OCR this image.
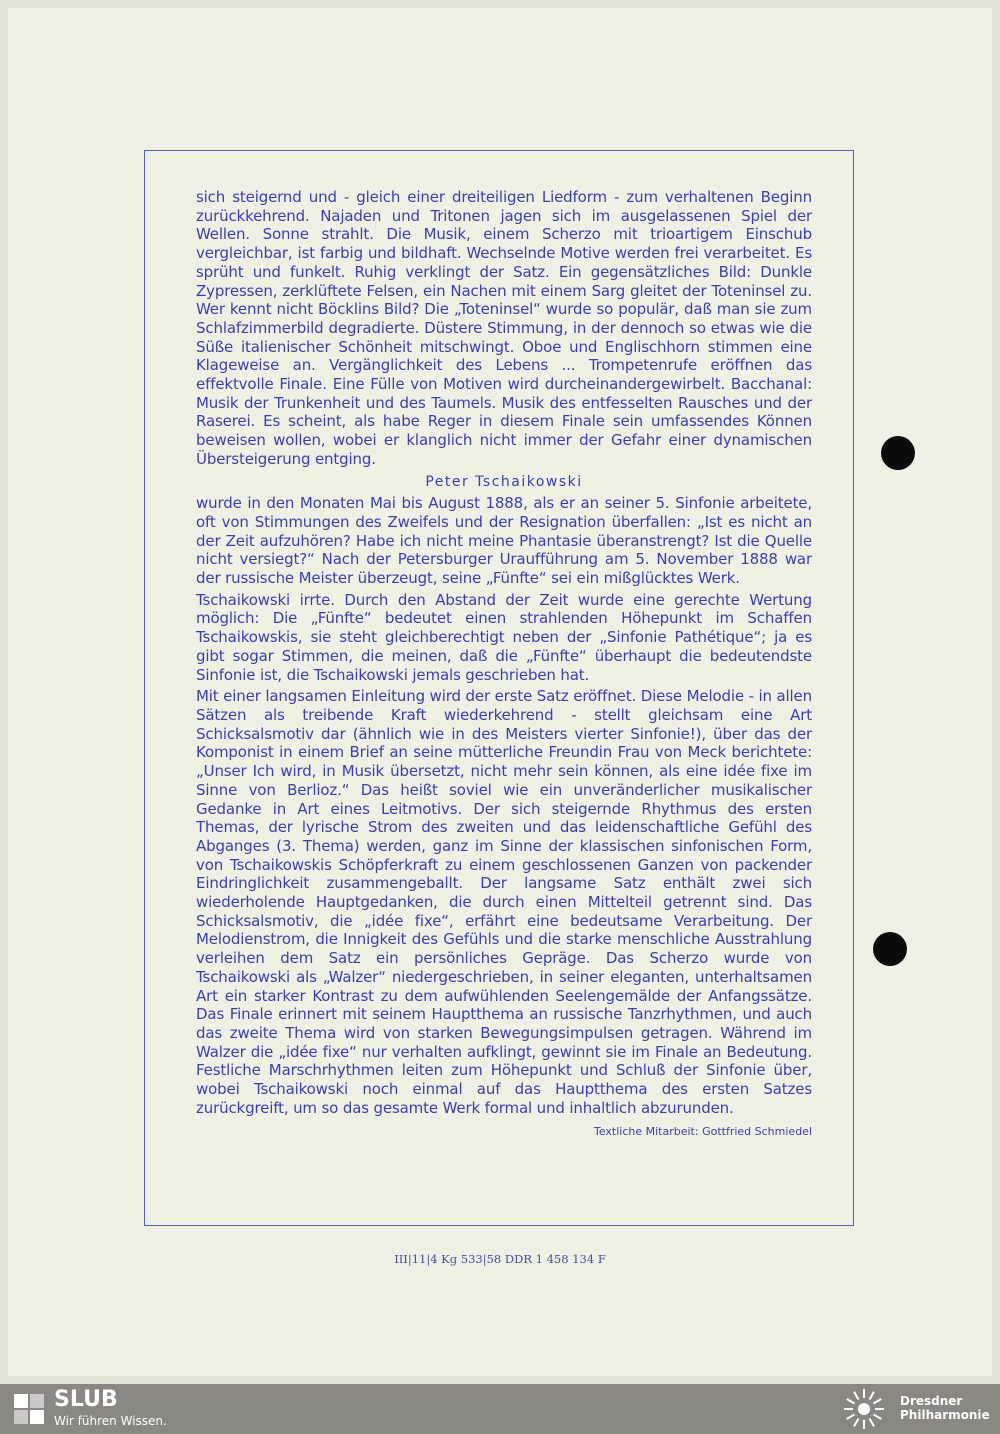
sich steigernd und - gleich einer dreiteiligen Liedform - zum verhaltenen Beginn zurückkehrend. Najaden und Tritonen jagen sich im ausgelassenen Spiel der Wellen. Sonne strahlt. Die Musik, einem Scherzo mit trioartigem Einschub vergleichbar, ist farbig und bildhaft. Wechselnde Motive werden frei verarbeitet. Es sprüht und funkelt. Ruhig verklingt der Satz. Ein gegensätzliches Bild: Dunkle Zypressen, zerklüftete Felsen, ein Nachen mit einem Sarg gleitet der Toteninsel zu. Wer kennt nicht Böcklins Bild? Die „Toteninsel“ wurde so populär, daß man sie zum Schlafzimmerbild degradierte. Düstere Stimmung, in der dennoch so etwas wie die Süße italienischer Schönheit mitschwingt. Oboe und Englischhorn stimmen eine Klageweise an. Vergänglichkeit des Lebens ... Trompetenrufe eröffnen das effektvolle Finale. Eine Fülle von Motiven wird durcheinandergewirbelt. Bacchanal: Musik der Trunkenheit und des Taumels. Musik des entfesselten Rausches und der Raserei. Es scheint, als habe Reger in diesem Finale sein umfassendes Können beweisen wollen, wobei er klanglich nicht immer der Gefahr einer dynamischen Übersteigerung entging.

Peter Tschaikowski

wurde in den Monaten Mai bis August 1888, als er an seiner 5. Sinfonie arbeitete, oft von Stimmungen des Zweifels und der Resignation überfallen: „Ist es nicht an der Zeit aufzuhören? Habe ich nicht meine Phantasie überanstrengt? Ist die Quelle nicht versiegt?“ Nach der Petersburger Uraufführung am 5. November 1888 war der russische Meister überzeugt, seine „Fünfte“ sei ein mißglücktes Werk.

Tschaikowski irrte. Durch den Abstand der Zeit wurde eine gerechte Wertung möglich: Die „Fünfte“ bedeutet einen strahlenden Höhepunkt im Schaffen Tschaikowskis, sie steht gleichberechtigt neben der „Sinfonie Pathétique“; ja es gibt sogar Stimmen, die meinen, daß die „Fünfte“ überhaupt die bedeutendste Sinfonie ist, die Tschaikowski jemals geschrieben hat.

Mit einer langsamen Einleitung wird der erste Satz eröffnet. Diese Melodie - in allen Sätzen als treibende Kraft wiederkehrend - stellt gleichsam eine Art Schicksalsmotiv dar (ähnlich wie in des Meisters vierter Sinfonie!), über das der Komponist in einem Brief an seine mütterliche Freundin Frau von Meck berichtete: „Unser Ich wird, in Musik übersetzt, nicht mehr sein können, als eine idée fixe im Sinne von Berlioz.“ Das heißt soviel wie ein unveränderlicher musikalischer Gedanke in Art eines Leitmotivs. Der sich steigernde Rhythmus des ersten Themas, der lyrische Strom des zweiten und das leidenschaftliche Gefühl des Abganges (3. Thema) werden, ganz im Sinne der klassischen sinfonischen Form, von Tschaikowskis Schöpferkraft zu einem geschlossenen Ganzen von packender Eindringlichkeit zusammengeballt. Der langsame Satz enthält zwei sich wiederholende Hauptgedanken, die durch einen Mittelteil getrennt sind. Das Schicksalsmotiv, die „idée fixe“, erfährt eine bedeutsame Verarbeitung. Der Melodienstrom, die Innigkeit des Gefühls und die starke menschliche Ausstrahlung verleihen dem Satz ein persönliches Gepräge. Das Scherzo wurde von Tschaikowski als „Walzer“ niedergeschrieben, in seiner eleganten, unterhaltsamen Art ein starker Kontrast zu dem aufwühlenden Seelengemälde der Anfangssätze. Das Finale erinnert mit seinem Hauptthema an russische Tanzrhythmen, und auch das zweite Thema wird von starken Bewegungsimpulsen getragen. Während im Walzer die „idée fixe“ nur verhalten aufklingt, gewinnt sie im Finale an Bedeutung. Festliche Marschrhythmen leiten zum Höhepunkt und Schluß der Sinfonie über, wobei Tschaikowski noch einmal auf das Hauptthema des ersten Satzes zurückgreift, um so das gesamte Werk formal und inhaltlich abzurunden.

Textliche Mitarbeit: Gottfried Schmiedel
III|11|4 Kg 533|58 DDR 1 458 134 F
SLUB
Wir führen Wissen.
Dresdner
Philharmonie
